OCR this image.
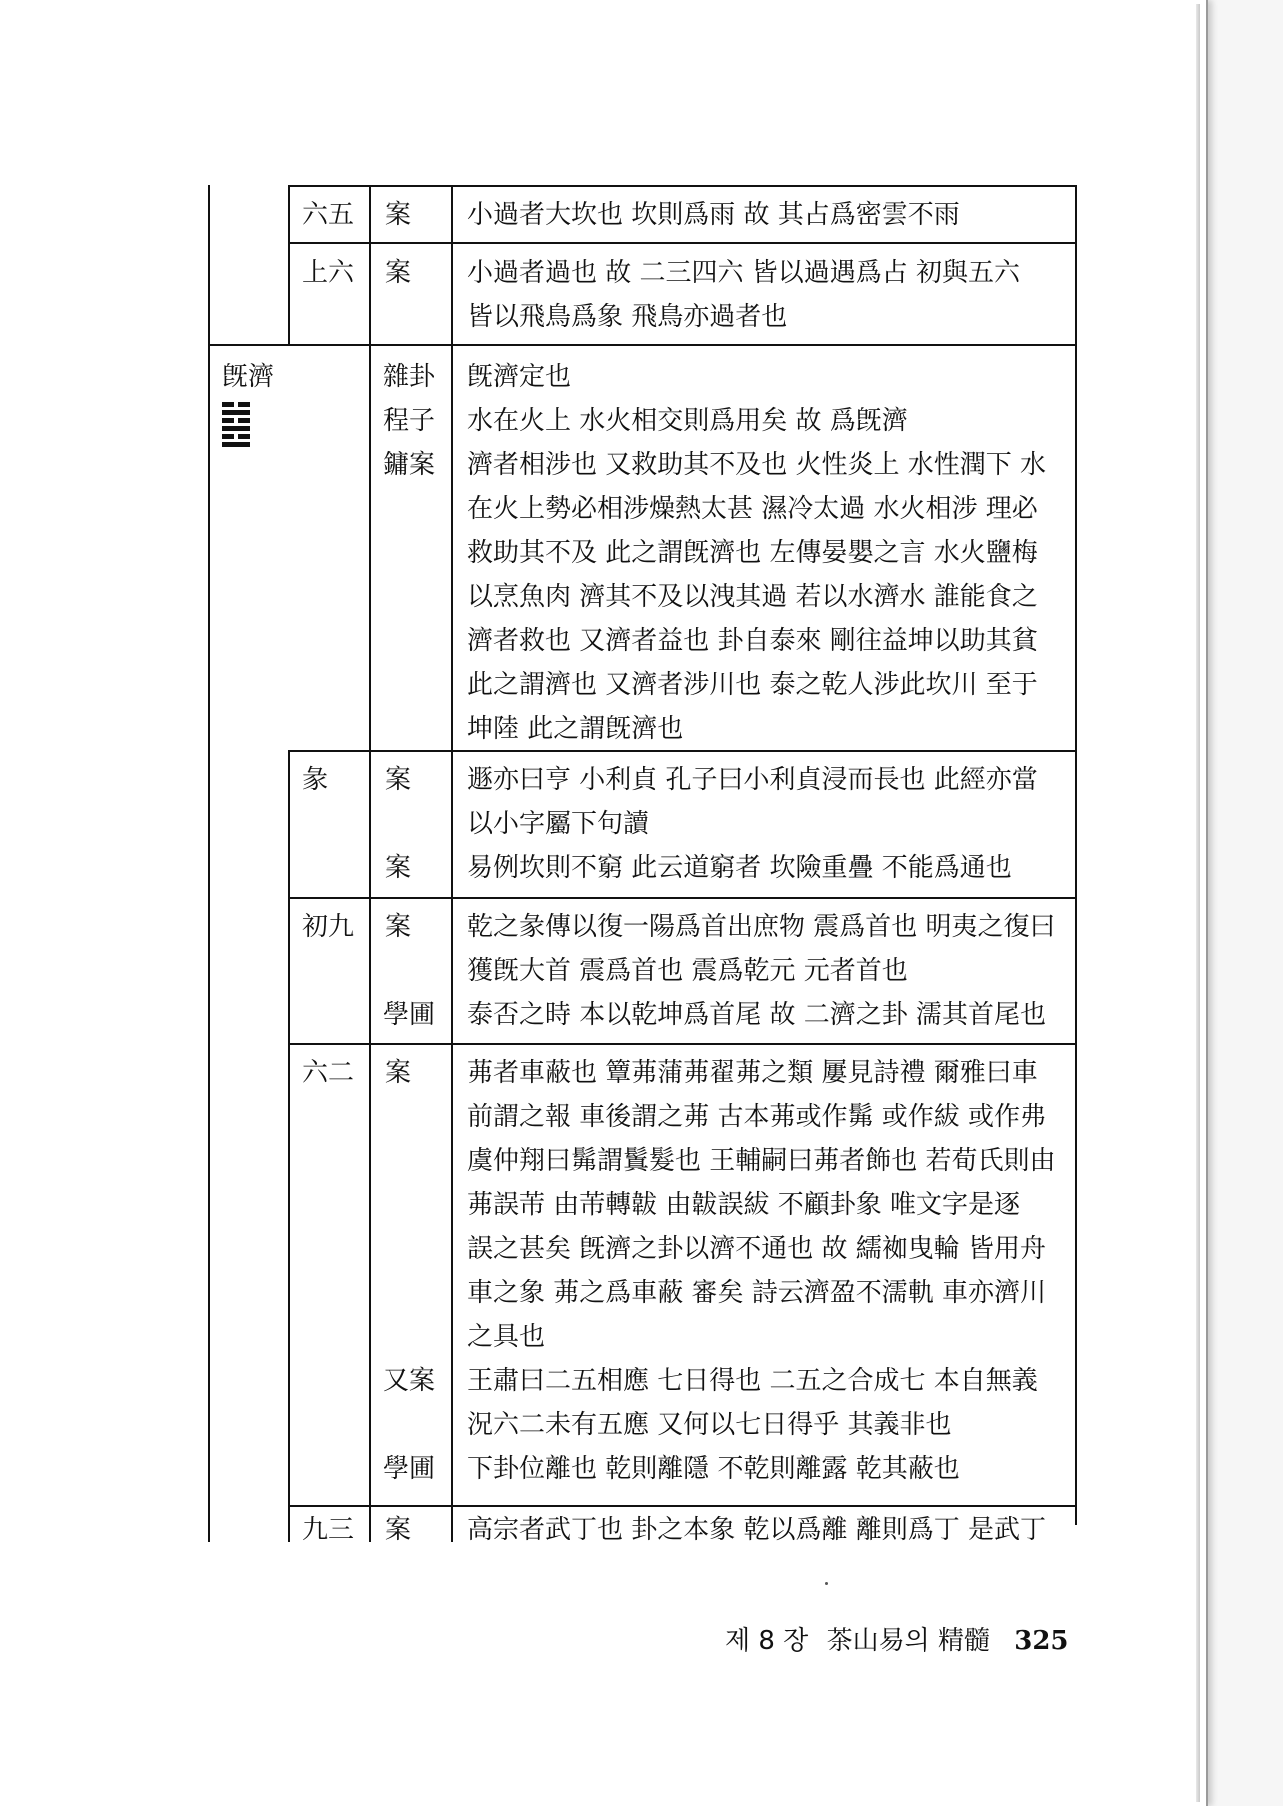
六五 案 小過者大坎也 坎則爲雨 故 其占爲密雲不雨
上六 案 小過者過也 故 二三四六 皆以過遇爲占 初與五六
皆以飛鳥爲象 飛鳥亦過者也
旣濟	雜卦
程子
鏞案
旣濟定也
水在火上 水火相交則爲用矣 故 爲旣濟
濟者相涉也 又救助其不及也 火性炎上 水性潤下 水
在火上勢必相涉燥熱太甚 濕冷太過 水火相涉 理必
救助其不及 此之謂旣濟也 左傳晏嬰之言 水火鹽梅
以烹魚肉 濟其不及以洩其過 若以水濟水 誰能食之
濟者救也 又濟者益也 卦自泰來 剛往益坤以助其貧
此之謂濟也 又濟者涉川也 泰之乾人涉此坎川 至于
坤陸 此之謂旣濟也
彖 案
案
遯亦曰亨 小利貞 孔子曰小利貞浸而長也 此經亦當
以小字屬下句讀
易例坎則不窮 此云道窮者 坎險重疊 不能爲通也
初九 案
學圃
乾之彖傳以復一陽爲首出庶物 震爲首也 明夷之復曰
獲旣大首 震爲首也 震爲乾元 元者首也
泰否之時 本以乾坤爲首尾 故 二濟之卦 濡其首尾也
六二 案
又案
學圃
茀者車蔽也 簟茀蒲茀翟茀之類 屢見詩禮 爾雅曰車
前謂之報 車後謂之茀 古本茀或作髴 或作紱 或作弗
虞仲翔曰髴謂鬒髮也 王輔嗣曰茀者飾也 若荀氏則由
茀誤芾 由芾轉韍 由韍誤紱 不顧卦象 唯文字是逐
誤之甚矣 旣濟之卦以濟不通也 故 繻袽曳輪 皆用舟
車之象 茀之爲車蔽 審矣 詩云濟盈不濡軌 車亦濟川
之具也
王肅曰二五相應 七日得也 二五之合成七 本自無義
況六二未有五應 又何以七日得乎 其義非也
下卦位離也 乾則離隱 不乾則離露 乾其蔽也
九三 案 高宗者武丁也 卦之本象 乾以爲離 離則爲丁 是武丁
제 8 장 茶山易의 精髓 325
